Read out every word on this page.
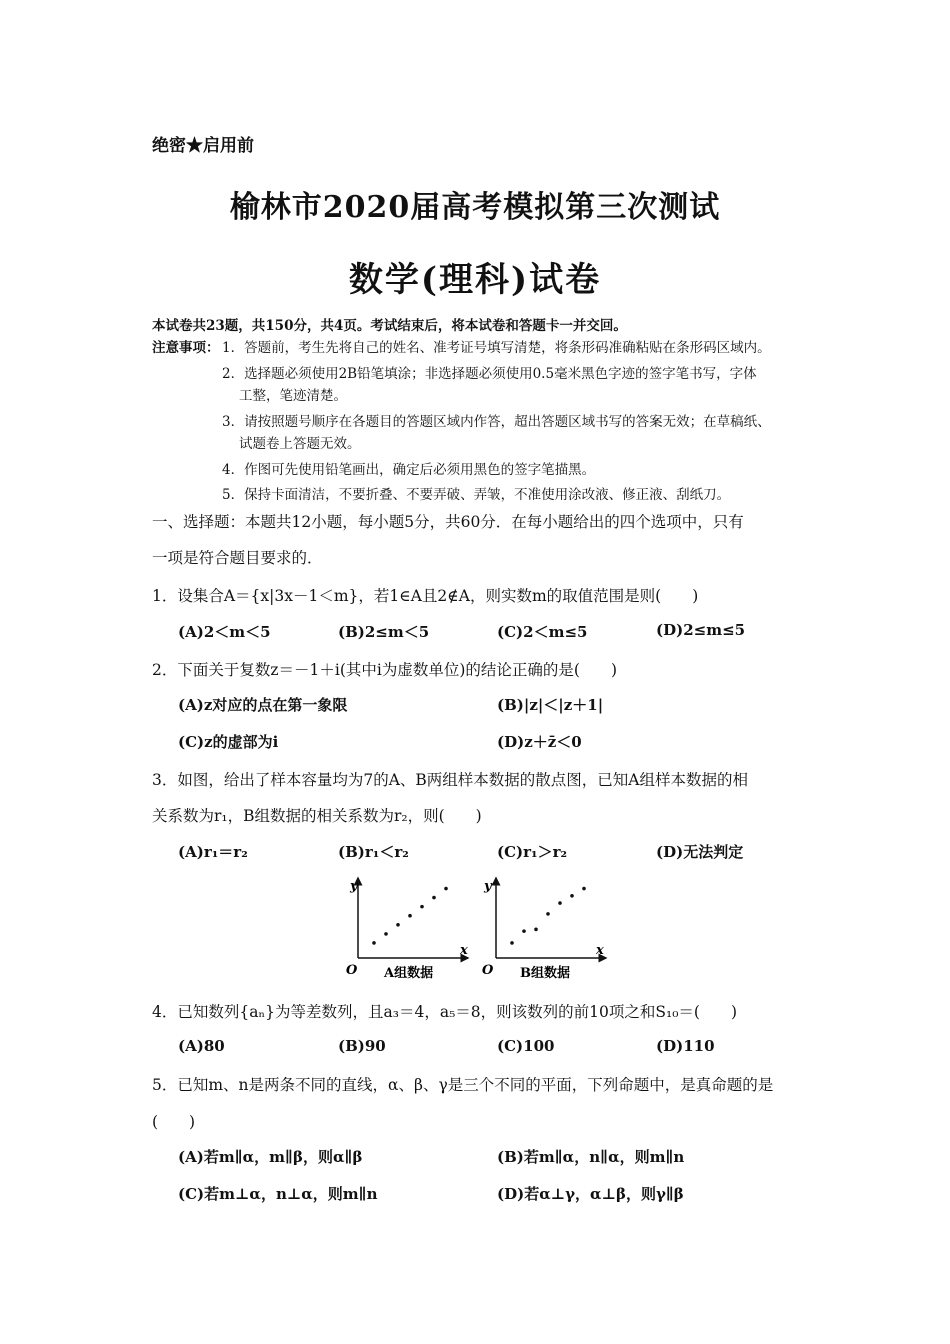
绝密★启用前
榆林市2020届高考模拟第三次测试
数学(理科)试卷
本试卷共23题，共150分，共4页。考试结束后，将本试卷和答题卡一并交回。
注意事项： 1．答题前，考生先将自己的姓名、准考证号填写清楚，将条形码准确粘贴在条形码区域内。
2．选择题必须使用2B铅笔填涂；非选择题必须使用0.5毫米黑色字迹的签字笔书写，字体
工整，笔迹清楚。
3．请按照题号顺序在各题目的答题区域内作答，超出答题区域书写的答案无效；在草稿纸、
试题卷上答题无效。
4．作图可先使用铅笔画出，确定后必须用黑色的签字笔描黑。
5．保持卡面清洁，不要折叠、不要弄破、弄皱，不准使用涂改液、修正液、刮纸刀。
一、选择题：本题共12小题，每小题5分，共60分．在每小题给出的四个选项中，只有
一项是符合题目要求的．
1．设集合A＝{x|3x－1＜m}，若1∈A且2∉A，则实数m的取值范围是则(　　)
(A)2＜m＜5	(B)2≤m＜5	(C)2＜m≤5	(D)2≤m≤5
2．下面关于复数z＝－1＋i(其中i为虚数单位)的结论正确的是(　　)
(A)z对应的点在第一象限	(B)|z|＜|z＋1|
(C)z的虚部为i	(D)z＋z̄＜0
3．如图，给出了样本容量均为7的A、B两组样本数据的散点图，已知A组样本数据的相
关系数为r₁，B组数据的相关系数为r₂，则(　　)
(A)r₁＝r₂	(B)r₁＜r₂	(C)r₁＞r₂	(D)无法判定
y
x
O A组数据
y
x
O B组数据
4．已知数列{aₙ}为等差数列，且a₃＝4，a₅＝8，则该数列的前10项之和S₁₀＝(　　)
(A)80	(B)90	(C)100	(D)110
5．已知m、n是两条不同的直线，α、β、γ是三个不同的平面，下列命题中，是真命题的是
(　　)
(A)若m∥α，m∥β，则α∥β	(B)若m∥α，n∥α，则m∥n
(C)若m⊥α，n⊥α，则m∥n	(D)若α⊥γ，α⊥β，则γ∥β
